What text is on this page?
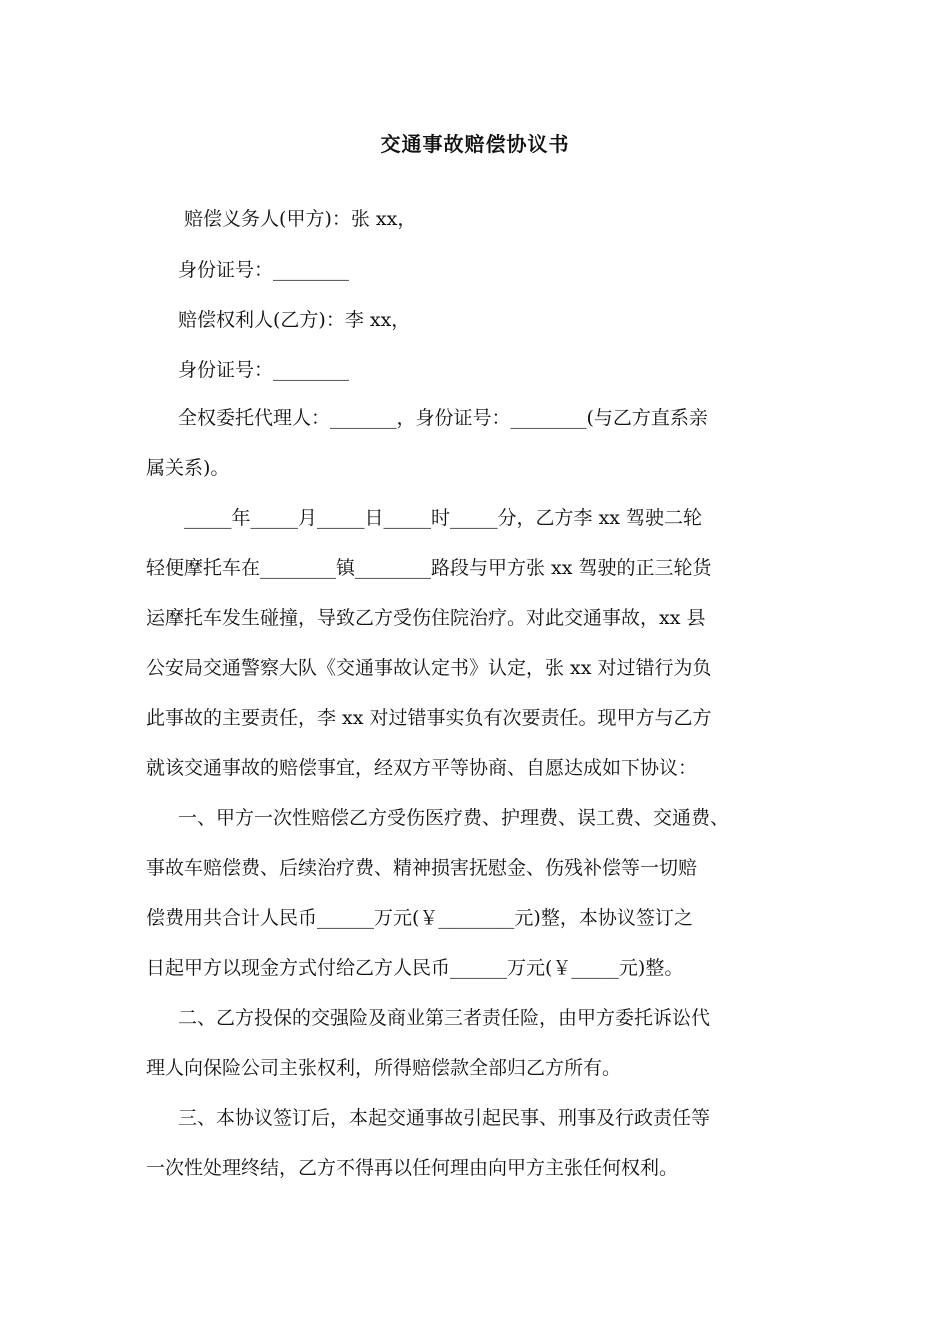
交通事故赔偿协议书
赔偿义务人(甲方)：张 xx，
身份证号：________
赔偿权利人(乙方)：李 xx，
身份证号：________
全权委托代理人：_______，身份证号：________(与乙方直系亲
属关系)。
_____年_____月_____日_____时_____分，乙方李 xx 驾驶二轮
轻便摩托车在________镇________路段与甲方张 xx 驾驶的正三轮货
运摩托车发生碰撞，导致乙方受伤住院治疗。对此交通事故，xx 县
公安局交通警察大队《交通事故认定书》认定，张 xx 对过错行为负
此事故的主要责任，李 xx 对过错事实负有次要责任。现甲方与乙方
就该交通事故的赔偿事宜，经双方平等协商、自愿达成如下协议：
一、甲方一次性赔偿乙方受伤医疗费、护理费、误工费、交通费、
事故车赔偿费、后续治疗费、精神损害抚慰金、伤残补偿等一切赔
偿费用共合计人民币______万元(￥________元)整，本协议签订之
日起甲方以现金方式付给乙方人民币______万元(￥_____元)整。
二、乙方投保的交强险及商业第三者责任险，由甲方委托诉讼代
理人向保险公司主张权利，所得赔偿款全部归乙方所有。
三、本协议签订后，本起交通事故引起民事、刑事及行政责任等
一次性处理终结，乙方不得再以任何理由向甲方主张任何权利。
